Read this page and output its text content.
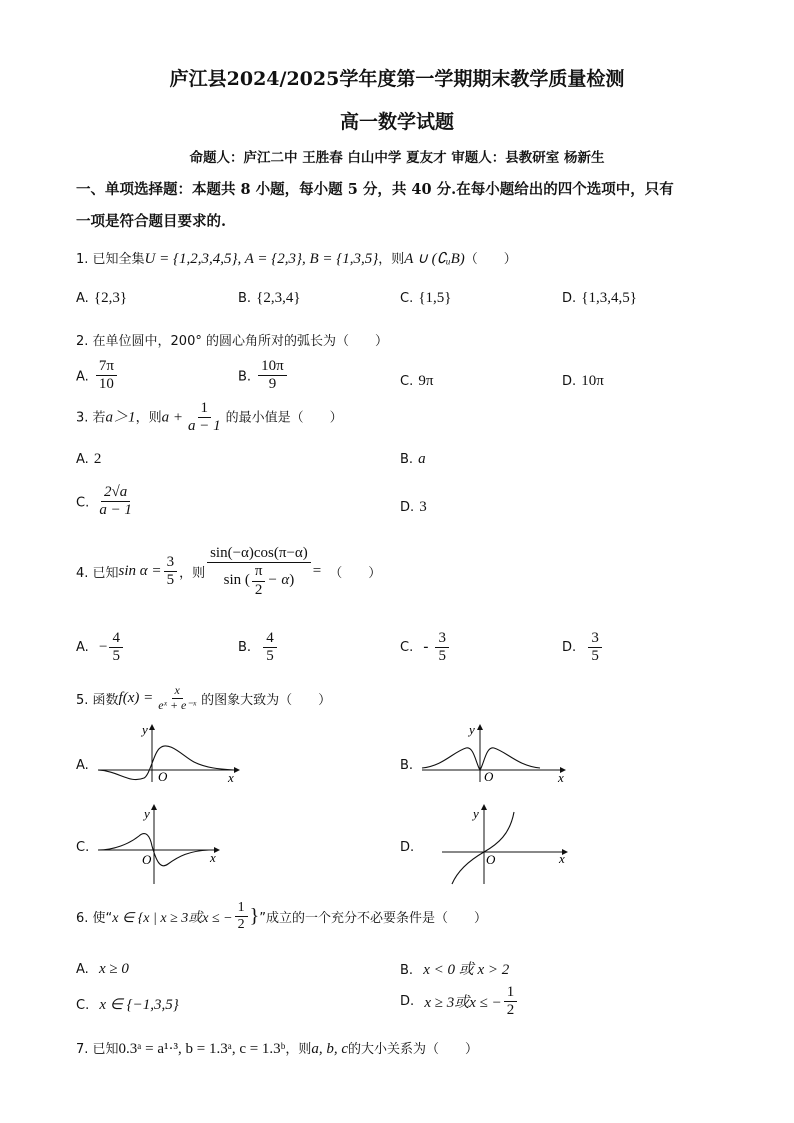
庐江县2024/2025学年度第一学期期末教学质量检测
高一数学试题
命题人：庐江二中 王胜春 白山中学 夏友才 审题人：县教研室 杨新生
一、单项选择题：本题共 8 小题，每小题 5 分，共 40 分.在每小题给出的四个选项中，只有
一项是符合题目要求的.
1. 已知全集U = {1,2,3,4,5}, A = {2,3}, B = {1,3,5}，则A ∪ (∁ᵤB)（　　）
A. {2,3}	B. {2,3,4}	C. {1,5}	D. {1,3,4,5}
2. 在单位圆中，200° 的圆心角所对的弧长为（　　）
A. $\frac{7\pi}{10}$	B. $\frac{10\pi}{9}$	C. 9π	D. 10π
3. 若a＞1，则$a + \frac{1}{a - 1}$ 的最小值是（　　）
A. 2	B. a
C. $\frac{2√a}{a - 1}$	D. 3
4. 已知 $\sin \alpha = \frac{3}{5}$ ，则 $\frac{\sin(-\alpha)\cos(\pi-\alpha)}{\sin ( \frac{\pi}{2} - \alpha )}$ = （　　）
A.
− $\frac{4}{5}$	B.
$\frac{4}{5}$	C.
-
$\frac{3}{5}$	D.
$\frac{3}{5}$
5. 函数 $f(x) = \frac{x}{\text{eˣ + e⁻ˣ}}$ 的图象大致为（　　）
A.
x
y
O
B.
x
y
O
C.
x
y
O
D.
x
y
O
6. 使“ x ∈ {x | x ≥ 3或x ≤ − $\frac{1}{2}$ } ”成立的一个充分不必要条件是（　　）
A. x ≥ 0	B. x < 0 或 x > 2
C. x ∈ {−1,3,5}	D.
x ≥ 3或x ≤ − $\frac{1}{2}$
7. 已知0.3ᵃ = a¹·³, b = 1.3ᵃ, c = 1.3ᵇ，则a, b, c的大小关系为（　　）
